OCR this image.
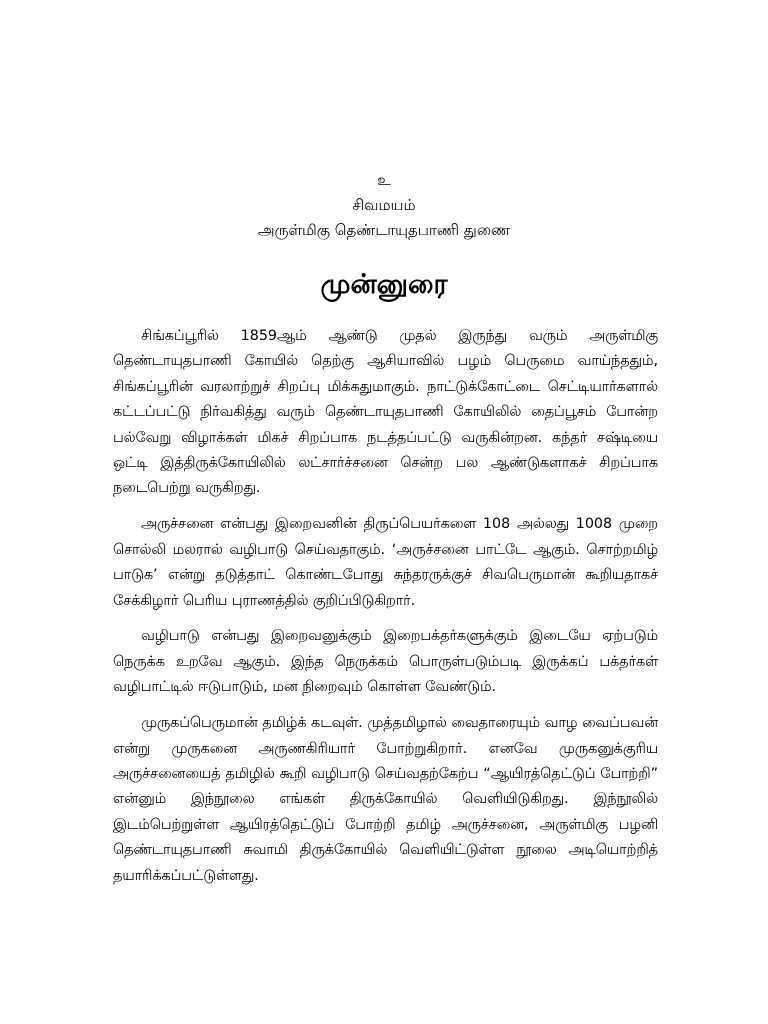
உ
சிவமயம்
அருள்மிகு தெண்டாயுதபாணி துணை
முன்னுரை

சிங்கப்பூரில் 1859ஆம் ஆண்டு முதல் இருந்து வரும் அருள்மிகு தெண்டாயுதபாணி கோயில் தெற்கு ஆசியாவில் பழம் பெருமை வாய்ந்ததும், சிங்கப்பூரின் வரலாற்றுச் சிறப்பு மிக்கதுமாகும். நாட்டுக்கோட்டை செட்டியார்களால் கட்டப்பட்டு நிர்வகித்து வரும் தெண்டாயுதபாணி கோயிலில் தைப்பூசம் போன்ற பல்வேறு விழாக்கள் மிகச் சிறப்பாக நடத்தப்பட்டு வருகின்றன. கந்தர் சஷ்டியை ஒட்டி இத்திருக்கோயிலில் லட்சார்ச்சனை சென்ற பல ஆண்டுகளாகச் சிறப்பாக நடைபெற்று வருகிறது.

அருச்சனை என்பது இறைவனின் திருப்பெயர்களை 108 அல்லது 1008 முறை சொல்லி மலரால் வழிபாடு செய்வதாகும். ‘அருச்சனை பாட்டே ஆகும். சொற்றமிழ் பாடுக’ என்று தடுத்தாட் கொண்டபோது சுந்தரருக்குச் சிவபெருமான் கூறியதாகச் சேக்கிழார் பெரிய புராணத்தில் குறிப்பிடுகிறார்.

வழிபாடு என்பது இறைவனுக்கும் இறைபக்தர்களுக்கும் இடையே ஏற்படும் நெருக்க உறவே ஆகும். இந்த நெருக்கம் பொருள்படும்படி இருக்கப் பக்தர்கள் வழிபாட்டில் ஈடுபாடும், மன நிறைவும் கொள்ள வேண்டும்.

முருகப்பெருமான் தமிழ்க் கடவுள். முத்தமிழால் வைதாரையும் வாழ வைப்பவன் என்று முருகனை அருணகிரியார் போற்றுகிறார். எனவே முருகனுக்குரிய அருச்சனையைத் தமிழில் கூறி வழிபாடு செய்வதற்கேற்ப “ஆயிரத்தெட்டுப் போற்றி” என்னும் இந்நூலை எங்கள் திருக்கோயில் வெளியிடுகிறது. இந்நூலில் இடம்பெற்றுள்ள ஆயிரத்தெட்டுப் போற்றி தமிழ் அருச்சனை, அருள்மிகு பழனி தெண்டாயுதபாணி சுவாமி திருக்கோயில் வெளியிட்டுள்ள நூலை அடியொற்றித் தயாரிக்கப்பட்டுள்ளது.
